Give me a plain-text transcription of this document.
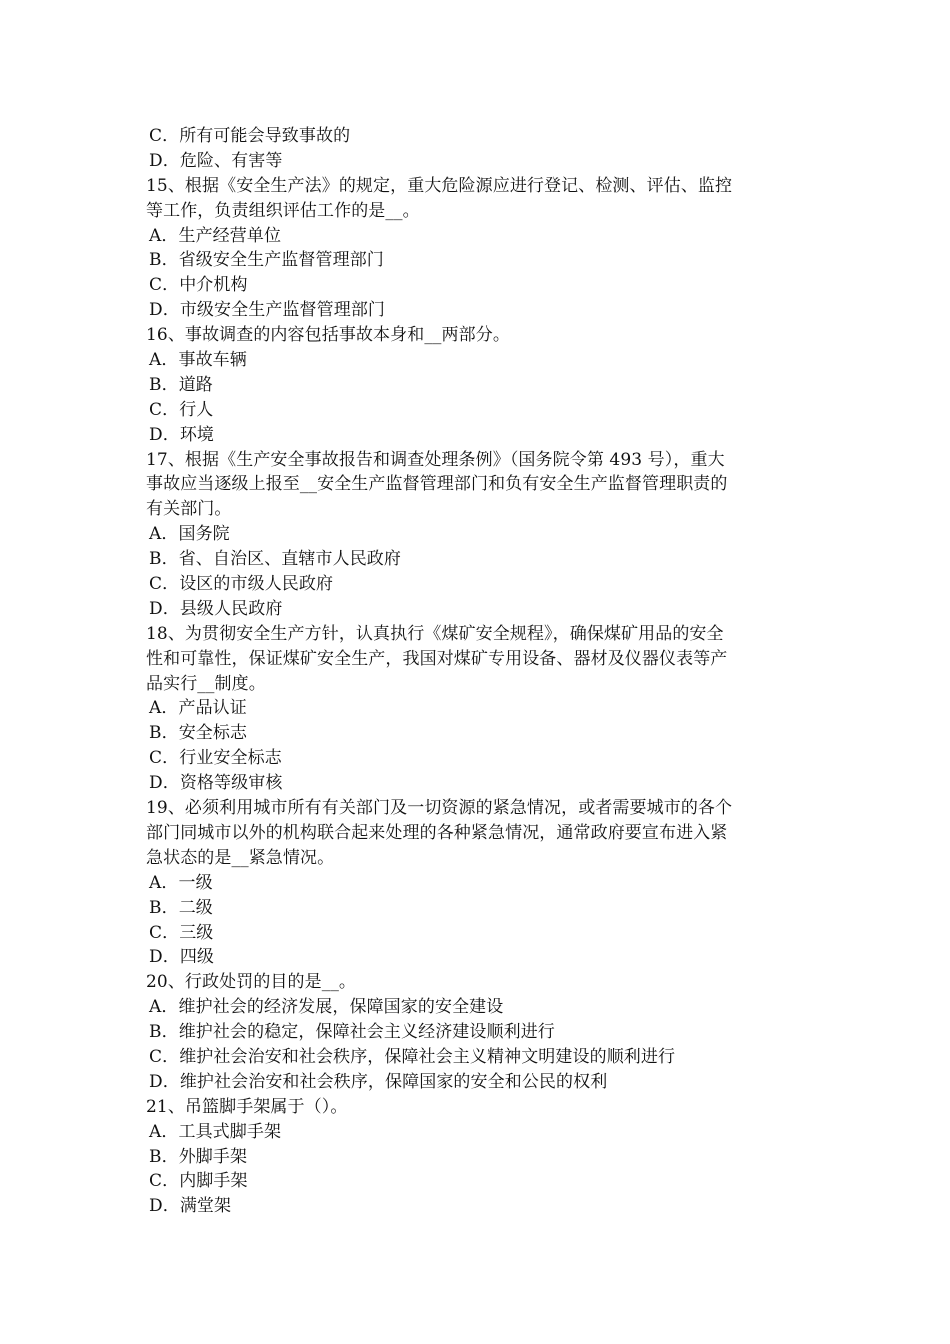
C．所有可能会导致事故的
D．危险、有害等
15、根据《安全生产法》的规定，重大危险源应进行登记、检测、评估、监控
等工作，负责组织评估工作的是__。
A．生产经营单位
B．省级安全生产监督管理部门
C．中介机构
D．市级安全生产监督管理部门
16、事故调查的内容包括事故本身和__两部分。
A．事故车辆
B．道路
C．行人
D．环境
17、根据《生产安全事故报告和调查处理条例》（国务院令第 493 号），重大
事故应当逐级上报至__安全生产监督管理部门和负有安全生产监督管理职责的
有关部门。
A．国务院
B．省、自治区、直辖市人民政府
C．设区的市级人民政府
D．县级人民政府
18、为贯彻安全生产方针，认真执行《煤矿安全规程》，确保煤矿用品的安全
性和可靠性，保证煤矿安全生产，我国对煤矿专用设备、器材及仪器仪表等产
品实行__制度。
A．产品认证
B．安全标志
C．行业安全标志
D．资格等级审核
19、必须利用城市所有有关部门及一切资源的紧急情况，或者需要城市的各个
部门同城市以外的机构联合起来处理的各种紧急情况，通常政府要宣布进入紧
急状态的是__紧急情况。
A．一级
B．二级
C．三级
D．四级
20、行政处罚的目的是__。
A．维护社会的经济发展，保障国家的安全建设
B．维护社会的稳定，保障社会主义经济建设顺利进行
C．维护社会治安和社会秩序，保障社会主义精神文明建设的顺利进行
D．维护社会治安和社会秩序，保障国家的安全和公民的权利
21、吊篮脚手架属于（）。
A．工具式脚手架
B．外脚手架
C．内脚手架
D．满堂架
